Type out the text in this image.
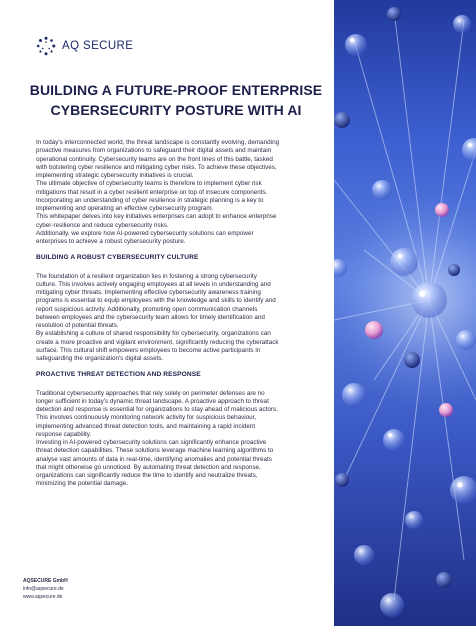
AQ SECURE
BUILDING A FUTURE-PROOF ENTERPRISE
CYBERSECURITY POSTURE WITH AI
In today's interconnected world, the threat landscape is constantly evolving, demanding
proactive measures from organizations to safeguard their digital assets and maintain
operational continuity. Cybersecurity teams are on the front lines of this battle, tasked
with bolstering cyber resilience and mitigating cyber risks. To achieve these objectives,
implementing strategic cybersecurity initiatives is crucial.
The ultimate objective of cybersecurity teams is therefore to implement cyber risk
mitigations that result in a cyber resilient enterprise on top of insecure components.
Incorporating an understanding of cyber resilience in strategic planning is a key to
implementing and operating an effective cybersecurity program.
This whitepaper delves into key initiatives enterprises can adopt to enhance enterprise
cyber-resilience and reduce cybersecurity risks.
Additionally, we explore how AI-powered cybersecurity solutions can empower
enterprises to achieve a robust cybersecurity posture.
BUILDING A ROBUST CYBERSECURITY CULTURE
The foundation of a resilient organization lies in fostering a strong cybersecurity
culture. This involves actively engaging employees at all levels in understanding and
mitigating cyber threats. Implementing effective cybersecurity awareness training
programs is essential to equip employees with the knowledge and skills to identify and
report suspicious activity. Additionally, promoting open communication channels
between employees and the cybersecurity team allows for timely identification and
resolution of potential threats.
By establishing a culture of shared responsibility for cybersecurity, organizations can
create a more proactive and vigilant environment, significantly reducing the cyberattack
surface. This cultural shift empowers employees to become active participants in
safeguarding the organization's digital assets.
PROACTIVE THREAT DETECTION AND RESPONSE
Traditional cybersecurity approaches that rely solely on perimeter defenses are no
longer sufficient in today's dynamic threat landscape. A proactive approach to threat
detection and response is essential for organizations to stay ahead of malicious actors.
This involves continuously monitoring network activity for suspicious behaviour,
implementing advanced threat detection tools, and maintaining a rapid incident
response capability.
Investing in AI-powered cybersecurity solutions can significantly enhance proactive
threat detection capabilities. These solutions leverage machine learning algorithms to
analyse vast amounts of data in real-time, identifying anomalies and potential threats
that might otherwise go unnoticed. By automating threat detection and response,
organizations can significantly reduce the time to identify and neutralize threats,
minimizing the potential damage.
AQSECURE GmbH
info@aqsecure.de
www.aqsecure.de
